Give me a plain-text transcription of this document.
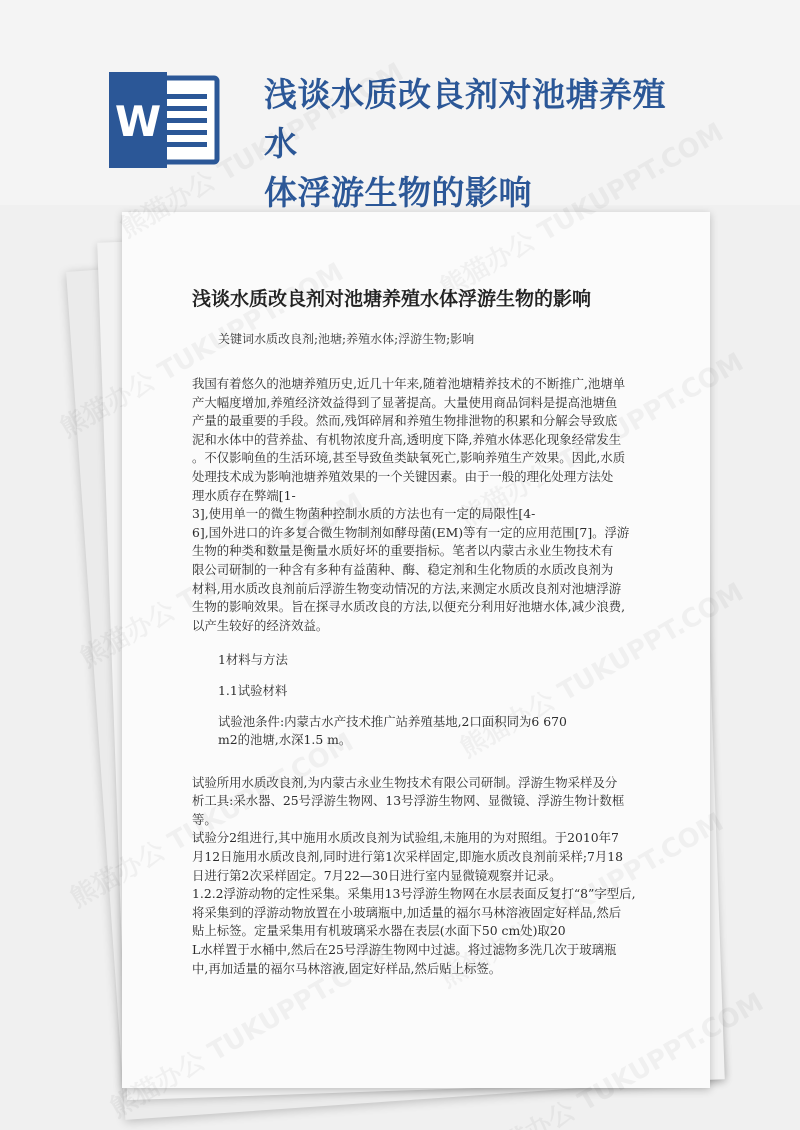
W
浅谈水质改良剂对池塘养殖水
体浮游生物的影响
浅谈水质改良剂对池塘养殖水体浮游生物的影响
关键词水质改良剂;池塘;养殖水体;浮游生物;影响

我国有着悠久的池塘养殖历史,近几十年来,随着池塘精养技术的不断推广,池塘单
产大幅度增加,养殖经济效益得到了显著提高。大量使用商品饲料是提高池塘鱼
产量的最重要的手段。然而,残饵碎屑和养殖生物排泄物的积累和分解会导致底
泥和水体中的营养盐、有机物浓度升高,透明度下降,养殖水体恶化现象经常发生
。不仅影响鱼的生活环境,甚至导致鱼类缺氧死亡,影响养殖生产效果。因此,水质
处理技术成为影响池塘养殖效果的一个关键因素。由于一般的理化处理方法处
理水质存在弊端[1-
3],使用单一的微生物菌种控制水质的方法也有一定的局限性[4-
6],国外进口的许多复合微生物制剂如酵母菌(EM)等有一定的应用范围[7]。浮游
生物的种类和数量是衡量水质好坏的重要指标。笔者以内蒙古永业生物技术有
限公司研制的一种含有多种有益菌种、酶、稳定剂和生化物质的水质改良剂为
材料,用水质改良剂前后浮游生物变动情况的方法,来测定水质改良剂对池塘浮游
生物的影响效果。旨在探寻水质改良的方法,以便充分利用好池塘水体,减少浪费,
以产生较好的经济效益。

1材料与方法

1.1试验材料

试验池条件:内蒙古水产技术推广站养殖基地,2口面积同为6 670
m2的池塘,水深1.5 m。

试验所用水质改良剂,为内蒙古永业生物技术有限公司研制。浮游生物采样及分
析工具:采水器、25号浮游生物网、13号浮游生物网、显微镜、浮游生物计数框
等。

试验分2组进行,其中施用水质改良剂为试验组,未施用的为对照组。于2010年7
月12日施用水质改良剂,同时进行第1次采样固定,即施水质改良剂前采样;7月18
日进行第2次采样固定。7月22—30日进行室内显微镜观察并记录。

1.2.2浮游动物的定性采集。采集用13号浮游生物网在水层表面反复打“8”字型后,
将采集到的浮游动物放置在小玻璃瓶中,加适量的福尔马林溶液固定好样品,然后
贴上标签。定量采集用有机玻璃采水器在表层(水面下50 cm处)取20
L水样置于水桶中,然后在25号浮游生物网中过滤。将过滤物多洗几次于玻璃瓶
中,再加适量的福尔马林溶液,固定好样品,然后贴上标签。
